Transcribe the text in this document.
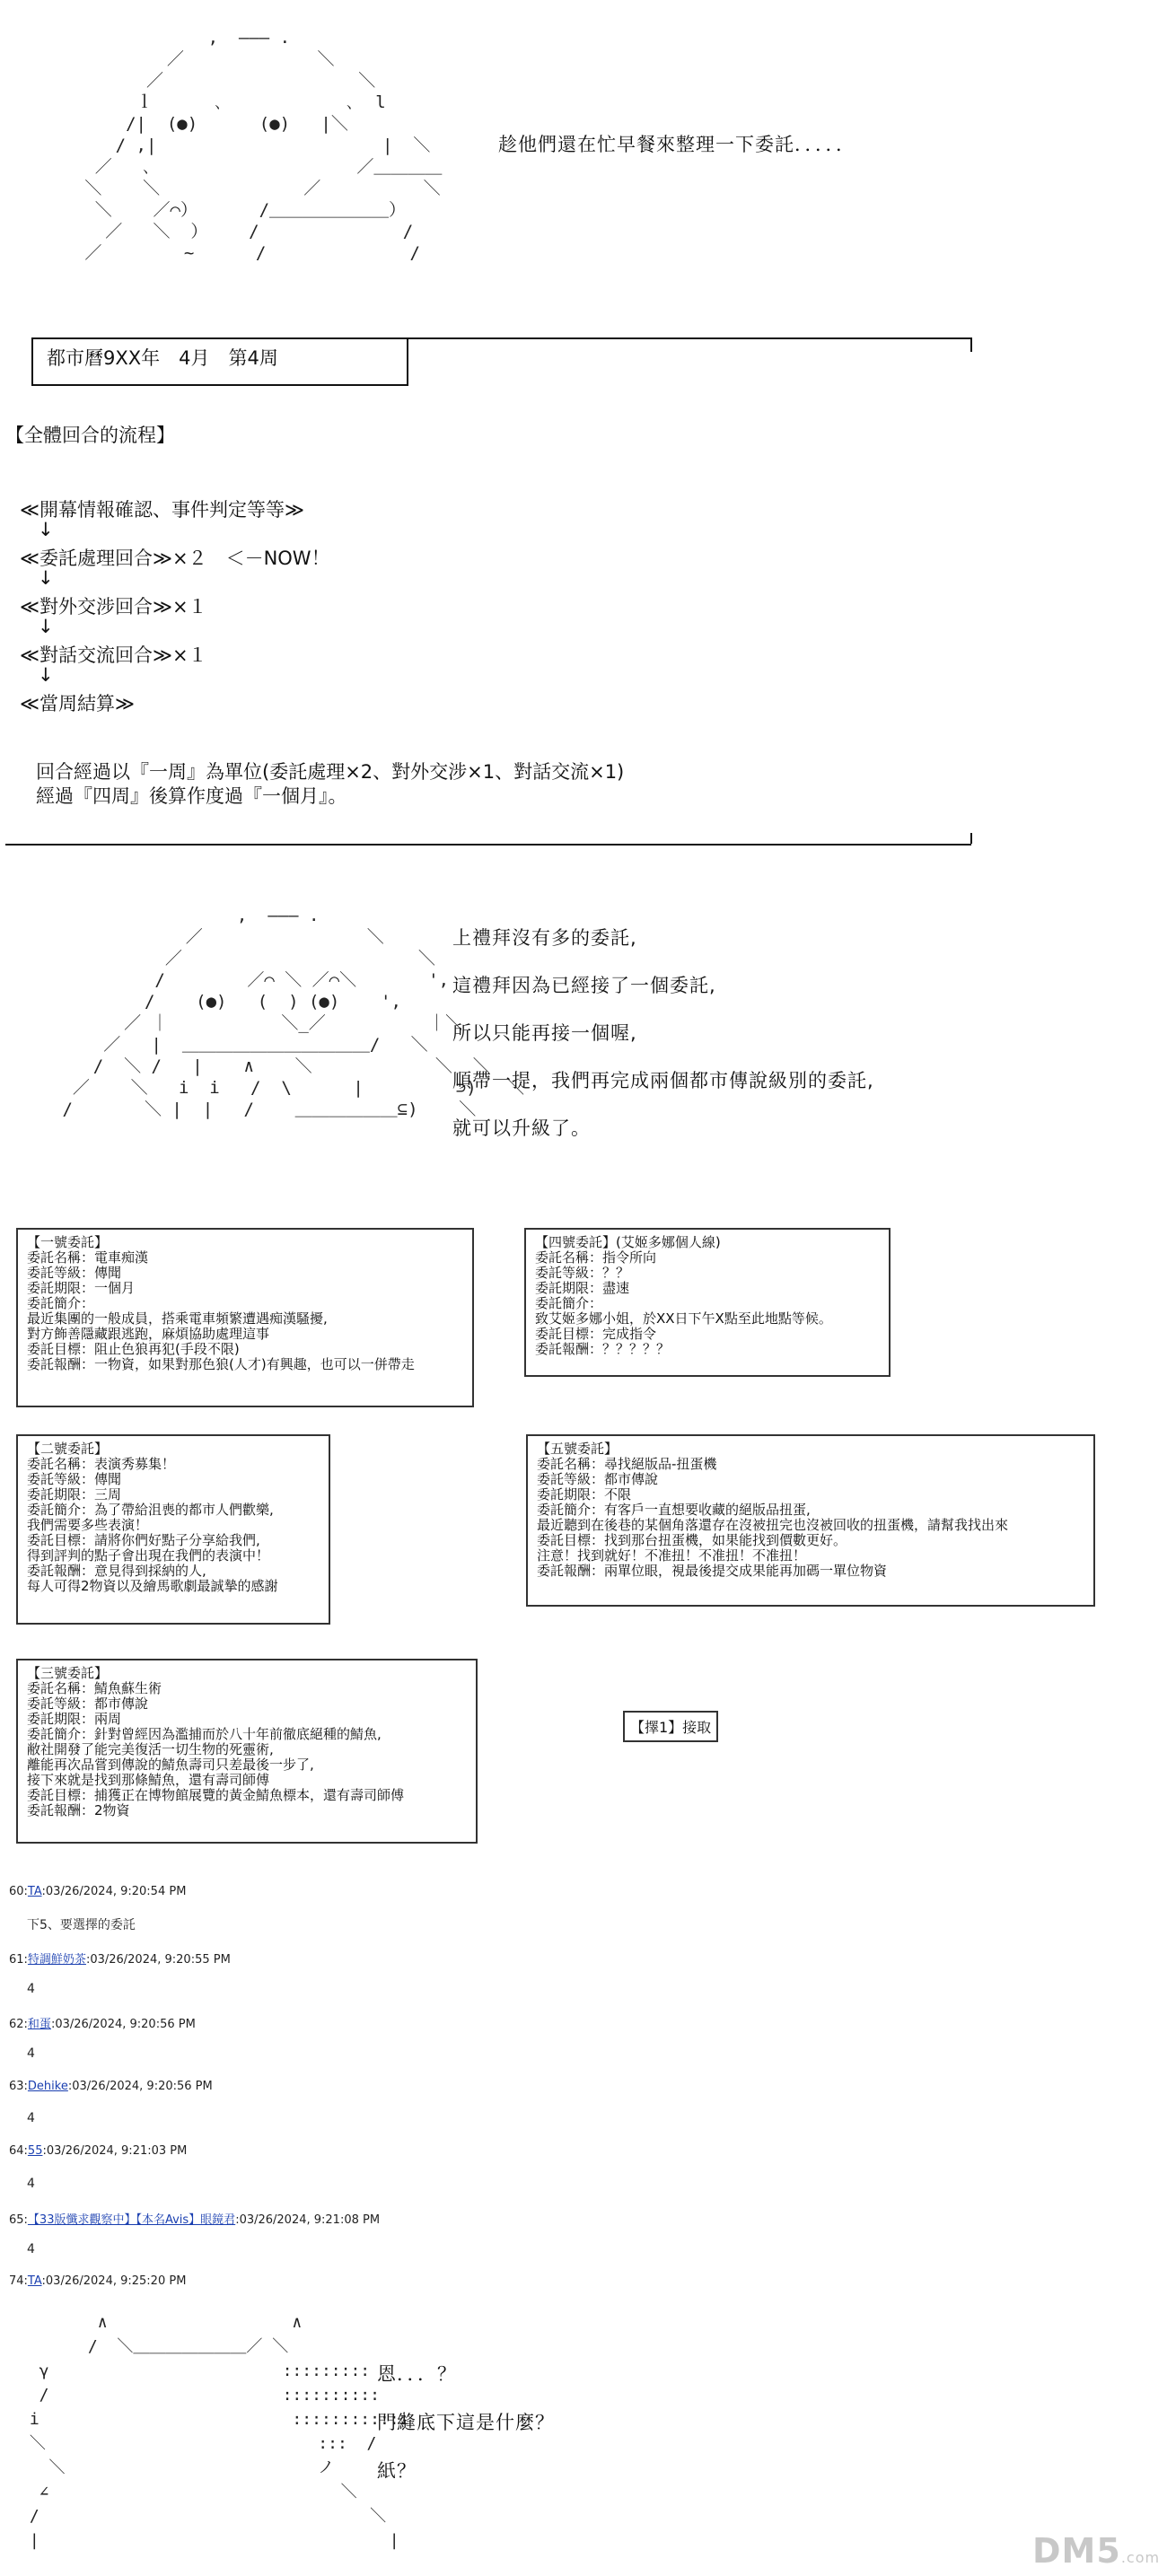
,  ――― .
／             ＼
／                   ＼
ｌ      ､            ､  l
/|  (●)      (●)   |＼
/ ,|                      |  ＼
／   ､                    ／＿＿＿＿
＼    ＼              ／          ＼
＼    ／⌒）      /＿＿＿＿＿＿＿）
／   ＼  ）    /              /
／        ~      /              /
趁他們還在忙早餐來整理一下委託．．．．．
都市曆9XX年　4月　第4周
【全體回合的流程】
≪開幕情報確認、事件判定等等≫
↓
≪委託處理回合≫×２　＜－NOW！
↓
≪對外交涉回合≫×１
↓
≪對話交流回合≫×１
↓
≪當周結算≫
回合經過以『一周』為單位(委託處理×2、對外交涉×1、對話交流×1)
經過『四周』後算作度過『一個月』。
,  ――― .
／                ＼
／                       ＼
/        ／⌒ ＼ ／⌒＼       ',
/    (●)   (  ) (●)    ',
／ ｜           ＼_／          ｜＼
／   |  ＿＿＿＿＿＿＿＿＿＿＿/   ＼
/  ＼ /   |    ∧    ＼            ＼  ＼
／    ＼   i  i   /  \      |         ⊃)   ＼
/       ＼ |  |   /    ＿＿＿＿＿＿⊆)    ＼
上禮拜沒有多的委託,
這禮拜因為已經接了一個委託,
所以只能再接一個喔,
順帶一提，我們再完成兩個都市傳說級別的委託,
就可以升級了。
【一號委託】
委託名稱：電車痴漢
委託等級：傳聞
委託期限：一個月
委託簡介：
最近集團的一般成員，搭乘電車頻繁遭遇痴漢騷擾,
對方飾善隱藏跟逃跑，麻煩協助處理這事
委託目標：阻止色狼再犯(手段不限)
委託報酬：一物資，如果對那色狼(人才)有興趣，也可以一併帶走
【四號委託】(艾姬多娜個人線)
委託名稱：指令所向
委託等級：？？
委託期限：盡速
委託簡介：
致艾姬多娜小姐，於XX日下午X點至此地點等候。
委託目標：完成指令
委託報酬：？？？？？
【二號委託】
委託名稱：表演秀募集！
委託等級：傳聞
委託期限：三周
委託簡介：為了帶給沮喪的都市人們歡樂,
我們需要多些表演！
委託目標：請將你們好點子分享給我們,
得到評判的點子會出現在我們的表演中！
委託報酬：意見得到採納的人,
每人可得2物資以及繪馬歌劇最誠摯的感謝
【五號委託】
委託名稱：尋找絕版品-扭蛋機
委託等級：都市傳說
委託期限：不限
委託簡介：有客戶一直想要收藏的絕版品扭蛋,
最近聽到在後巷的某個角落還存在沒被扭完也沒被回收的扭蛋機，請幫我找出來
委託目標：找到那台扭蛋機，如果能找到價數更好。
注意！找到就好！不准扭！不准扭！不准扭！
委託報酬：兩單位眼，視最後提交成果能再加碼一單位物資
【三號委託】
委託名稱：鯖魚蘇生術
委託等級：都市傳說
委託期限：兩周
委託簡介：針對曾經因為濫捕而於八十年前徹底絕種的鯖魚,
敝社開發了能完美復活一切生物的死靈術,
離能再次品嘗到傳說的鯖魚壽司只差最後一步了,
接下來就是找到那條鯖魚，還有壽司師傅
委託目標：捕獲正在博物館展覽的黃金鯖魚標本，還有壽司師傅
委託報酬：2物資
【擇1】接取
60:TA:03/26/2024, 9:20:54 PM
下5、要選擇的委託
61:特調鮮奶茶:03/26/2024, 9:20:55 PM
4
62:和蛋:03/26/2024, 9:20:56 PM
4
63:Dehike:03/26/2024, 9:20:56 PM
4
64:55:03/26/2024, 9:21:03 PM
4
65:【33版懺求觀察中】【本名Avis】眼鏡君:03/26/2024, 9:21:08 PM
4
74:TA:03/26/2024, 9:25:20 PM
∧                   ∧
/  ＼＿＿＿＿＿＿＿／ ＼
γ                        :::::::::
/                        ::::::::::
i                          :::::::::::i
＼                            :::  /
＼                          ノ
∠                              ＼
/                                  ＼
|                                    |
恩．．．？
門縫底下這是什麼？
紙？
DM5.com
